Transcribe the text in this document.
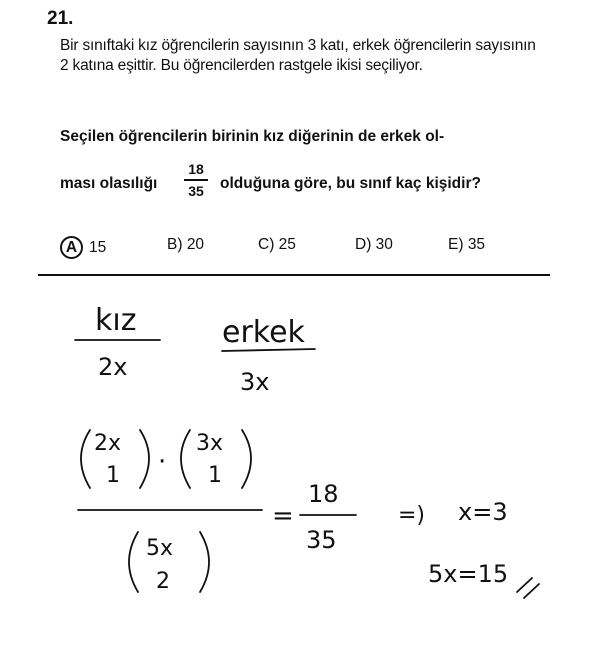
21.
Bir sınıftaki kız öğrencilerin sayısının 3 katı, erkek öğrencilerin sayısının 2 katına eşittir. Bu öğrencilerden rastgele ikisi seçiliyor.
Seçilen öğrencilerin birinin kız diğerinin de erkek ol-
ması olasılığı
18
35 olduğuna göre, bu sınıf kaç kişidir?
A 15	B) 20	C) 25	D) 30	E) 35
kız
2x
erkek
3x
2x
1 ·
3x
1
5x
2
=
18
35
=) x=3
5x=15
